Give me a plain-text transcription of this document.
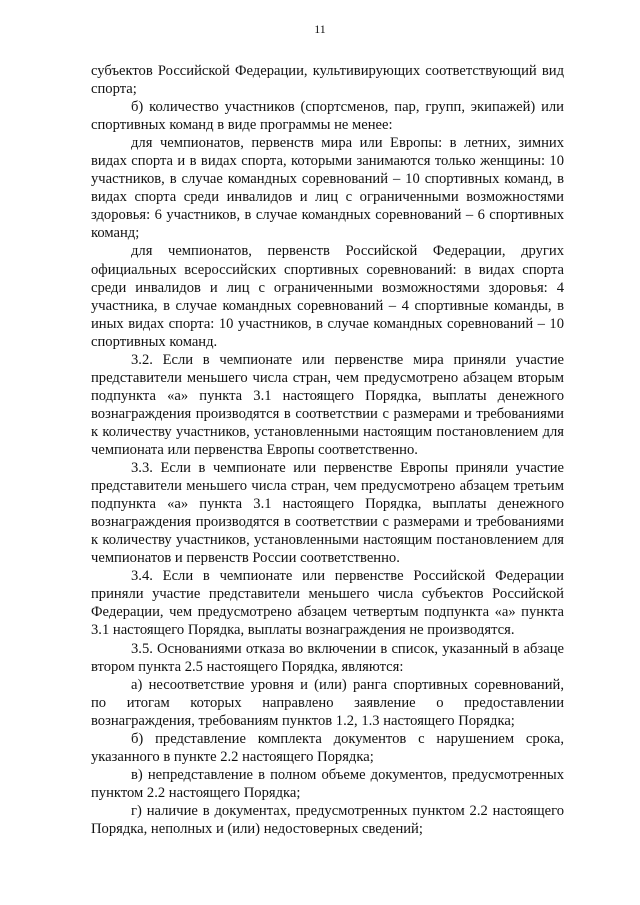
11

субъектов Российской Федерации, культивирующих соответствующий вид спорта;

б) количество участников (спортсменов, пар, групп, экипажей) или спортивных команд в виде программы не менее:

для чемпионатов, первенств мира или Европы: в летних, зимних видах спорта и в видах спорта, которыми занимаются только женщины: 10 участников, в случае командных соревнований – 10 спортивных команд, в видах спорта среди инвалидов и лиц с ограниченными возможностями здоровья: 6 участников, в случае командных соревнований – 6 спортивных команд;

для чемпионатов, первенств Российской Федерации, других официальных всероссийских спортивных соревнований: в видах спорта среди инвалидов и лиц с ограниченными возможностями здоровья: 4 участника, в случае командных соревнований – 4 спортивные команды, в иных видах спорта: 10 участников, в случае командных соревнований – 10 спортивных команд.

3.2. Если в чемпионате или первенстве мира приняли участие представители меньшего числа стран, чем предусмотрено абзацем вторым подпункта «а» пункта 3.1 настоящего Порядка, выплаты денежного вознаграждения производятся в соответствии с размерами и требованиями к количеству участников, установленными настоящим постановлением для чемпионата или первенства Европы соответственно.

3.3. Если в чемпионате или первенстве Европы приняли участие представители меньшего числа стран, чем предусмотрено абзацем третьим подпункта «а» пункта 3.1 настоящего Порядка, выплаты денежного вознаграждения производятся в соответствии с размерами и требованиями к количеству участников, установленными настоящим постановлением для чемпионатов и первенств России соответственно.

3.4. Если в чемпионате или первенстве Российской Федерации приняли участие представители меньшего числа субъектов Российской Федерации, чем предусмотрено абзацем четвертым подпункта «а» пункта 3.1 настоящего Порядка, выплаты вознаграждения не производятся.

3.5. Основаниями отказа во включении в список, указанный в абзаце втором пункта 2.5 настоящего Порядка, являются:

а) несоответствие уровня и (или) ранга спортивных соревнований, по итогам которых направлено заявление о предоставлении вознаграждения, требованиям пунктов 1.2, 1.3 настоящего Порядка;

б) представление комплекта документов с нарушением срока, указанного в пункте 2.2 настоящего Порядка;

в) непредставление в полном объеме документов, предусмотренных пунктом 2.2 настоящего Порядка;

г) наличие в документах, предусмотренных пунктом 2.2 настоящего Порядка, неполных и (или) недостоверных сведений;
